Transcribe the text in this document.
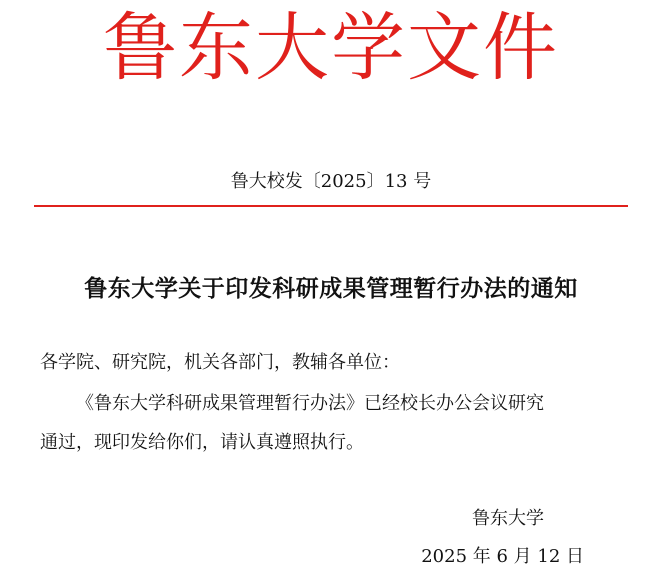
鲁东大学文件
鲁大校发〔2025〕13 号
鲁东大学关于印发科研成果管理暂行办法的通知
各学院、研究院，机关各部门，教辅各单位：
《鲁东大学科研成果管理暂行办法》已经校长办公会议研究
通过，现印发给你们，请认真遵照执行。
鲁东大学
2025 年 6 月 12 日
